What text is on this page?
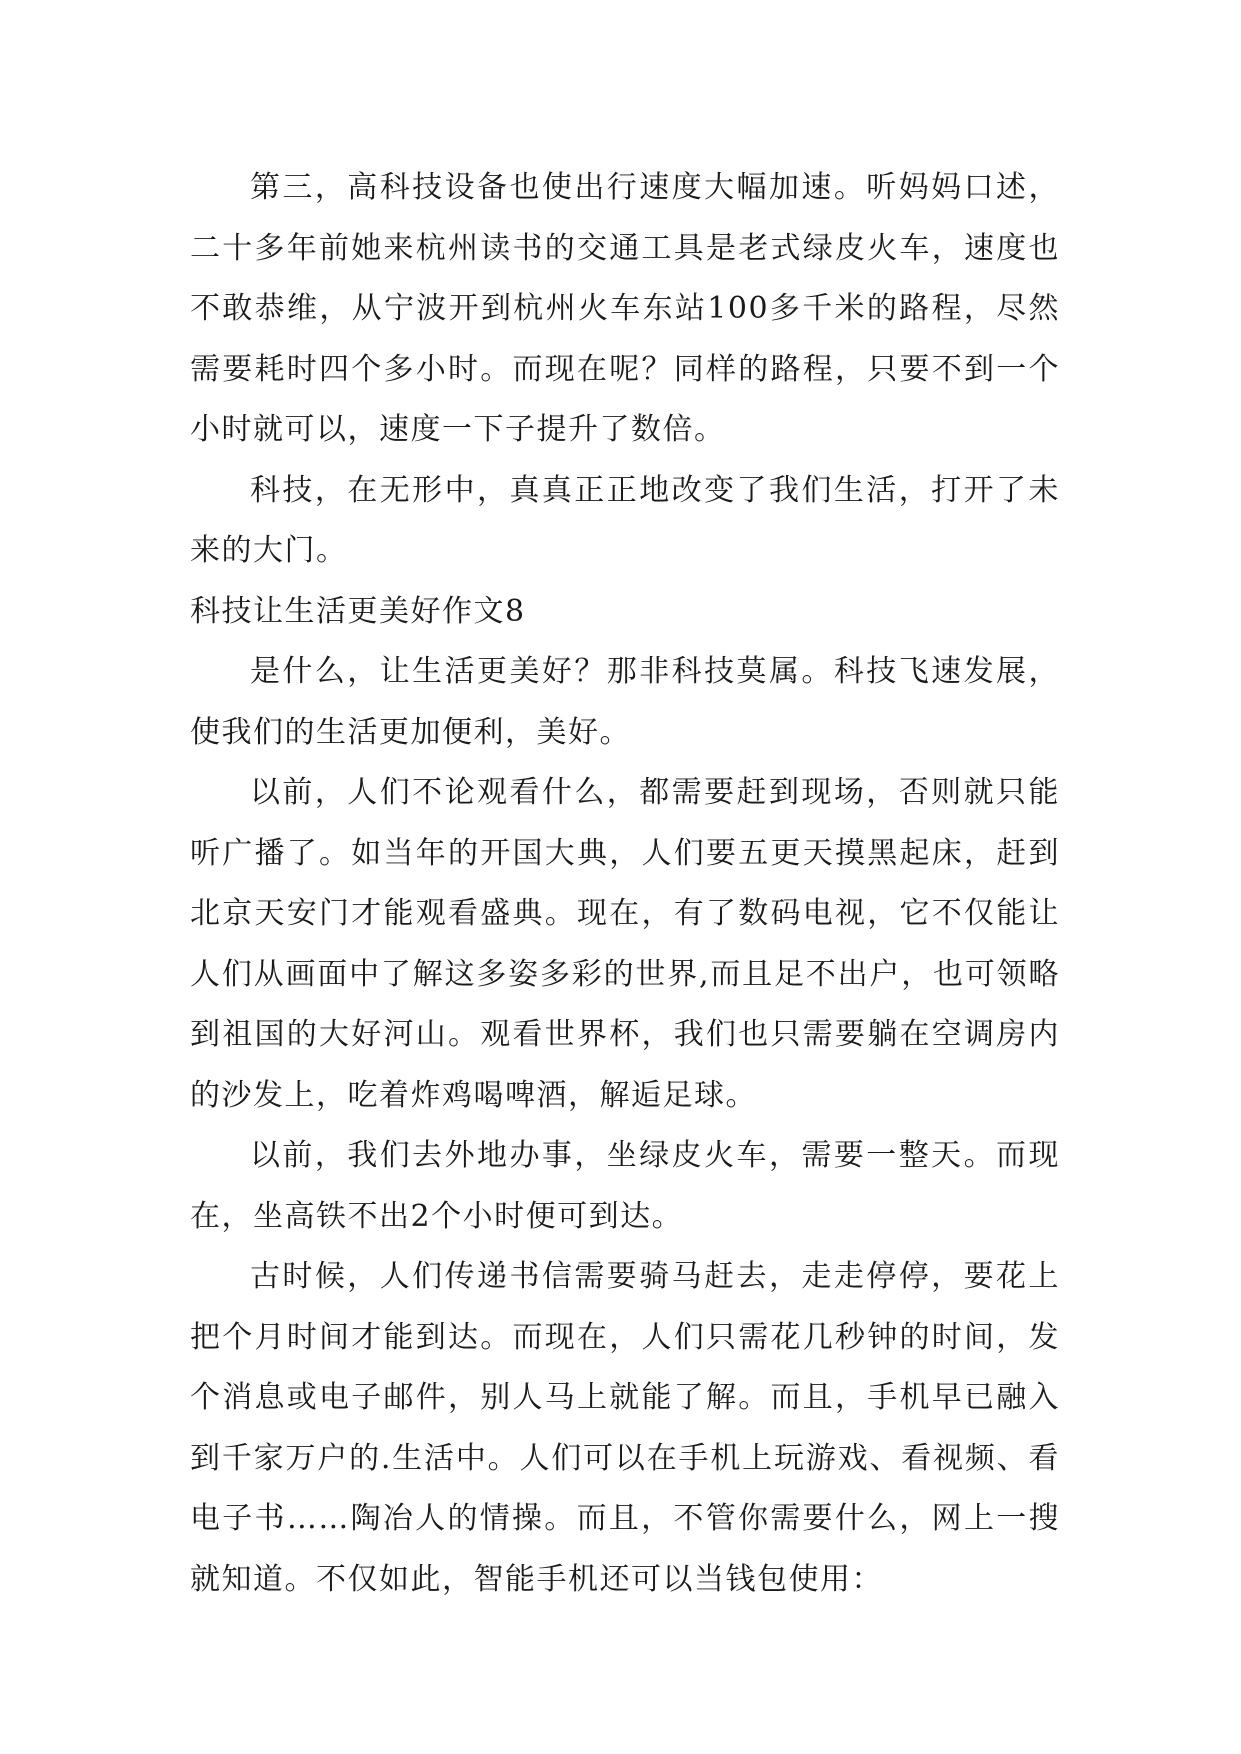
第三，高科技设备也使出行速度大幅加速。听妈妈口述，二十多年前她来杭州读书的交通工具是老式绿皮火车，速度也不敢恭维，从宁波开到杭州火车东站100多千米的路程，尽然需要耗时四个多小时。而现在呢？同样的路程，只要不到一个小时就可以，速度一下子提升了数倍。

科技，在无形中，真真正正地改变了我们生活，打开了未来的大门。

科技让生活更美好作文8

是什么，让生活更美好？那非科技莫属。科技飞速发展，使我们的生活更加便利，美好。

以前，人们不论观看什么，都需要赶到现场，否则就只能听广播了。如当年的开国大典，人们要五更天摸黑起床，赶到北京天安门才能观看盛典。现在，有了数码电视，它不仅能让人们从画面中了解这多姿多彩的世界,而且足不出户，也可领略到祖国的大好河山。观看世界杯，我们也只需要躺在空调房内的沙发上，吃着炸鸡喝啤酒，解逅足球。

以前，我们去外地办事，坐绿皮火车，需要一整天。而现在，坐高铁不出2个小时便可到达。

古时候，人们传递书信需要骑马赶去，走走停停，要花上把个月时间才能到达。而现在，人们只需花几秒钟的时间，发个消息或电子邮件，别人马上就能了解。而且，手机早已融入到千家万户的.生活中。人们可以在手机上玩游戏、看视频、看电子书……陶冶人的情操。而且，不管你需要什么，网上一搜就知道。不仅如此，智能手机还可以当钱包使用：
